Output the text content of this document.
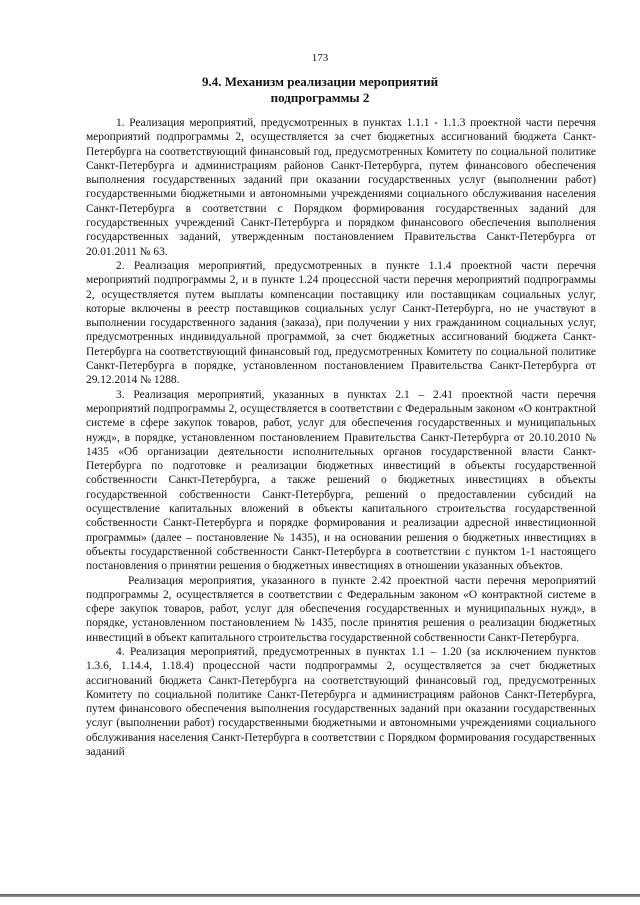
173
9.4. Механизм реализации мероприятий
подпрограммы 2

1. Реализация мероприятий, предусмотренных в пунктах 1.1.1 - 1.1.3 проектной части перечня мероприятий подпрограммы 2, осуществляется за счет бюджетных ассигнований бюджета Санкт-Петербурга на соответствующий финансовый год, предусмотренных Комитету по социальной политике Санкт-Петербурга и администрациям районов Санкт-Петербурга, путем финансового обеспечения выполнения государственных заданий при оказании государственных услуг (выполнении работ) государственными бюджетными и автономными учреждениями социального обслуживания населения Санкт-Петербурга в соответствии с Порядком формирования государственных заданий для государственных учреждений Санкт-Петербурга и порядком финансового обеспечения выполнения государственных заданий, утвержденным постановлением Правительства Санкт-Петербурга от 20.01.2011 № 63.

2. Реализация мероприятий, предусмотренных в пункте 1.1.4 проектной части перечня мероприятий подпрограммы 2, и в пункте 1.24 процессной части перечня мероприятий подпрограммы 2, осуществляется путем выплаты компенсации поставщику или поставщикам социальных услуг, которые включены в реестр поставщиков социальных услуг Санкт-Петербурга, но не участвуют в выполнении государственного задания (заказа), при получении у них гражданином социальных услуг, предусмотренных индивидуальной программой, за счет бюджетных ассигнований бюджета Санкт-Петербурга на соответствующий финансовый год, предусмотренных Комитету по социальной политике Санкт-Петербурга в порядке, установленном постановлением Правительства Санкт-Петербурга от 29.12.2014 № 1288.

3. Реализация мероприятий, указанных в пунктах 2.1 – 2.41 проектной части перечня мероприятий подпрограммы 2, осуществляется в соответствии с Федеральным законом «О контрактной системе в сфере закупок товаров, работ, услуг для обеспечения государственных и муниципальных нужд», в порядке, установленном постановлением Правительства Санкт-Петербурга от 20.10.2010 № 1435 «Об организации деятельности исполнительных органов государственной власти Санкт-Петербурга по подготовке и реализации бюджетных инвестиций в объекты государственной собственности Санкт-Петербурга, а также решений о бюджетных инвестициях в объекты государственной собственности Санкт-Петербурга, решений о предоставлении субсидий на осуществление капитальных вложений в объекты капитального строительства государственной собственности Санкт-Петербурга и порядке формирования и реализации адресной инвестиционной программы» (далее – постановление № 1435), и на основании решения о бюджетных инвестициях в объекты государственной собственности Санкт-Петербурга в соответствии с пунктом 1-1 настоящего постановления о принятии решения о бюджетных инвестициях в отношении указанных объектов.

Реализация мероприятия, указанного в пункте 2.42 проектной части перечня мероприятий подпрограммы 2, осуществляется в соответствии с Федеральным законом «О контрактной системе в сфере закупок товаров, работ, услуг для обеспечения государственных и муниципальных нужд», в порядке, установленном постановлением № 1435, после принятия решения о реализации бюджетных инвестиций в объект капитального строительства государственной собственности Санкт-Петербурга.

4. Реализация мероприятий, предусмотренных в пунктах 1.1 – 1.20 (за исключением пунктов 1.3.6, 1.14.4, 1.18.4) процессной части подпрограммы 2, осуществляется за счет бюджетных ассигнований бюджета Санкт-Петербурга на соответствующий финансовый год, предусмотренных Комитету по социальной политике Санкт-Петербурга и администрациям районов Санкт-Петербурга, путем финансового обеспечения выполнения государственных заданий при оказании государственных услуг (выполнении работ) государственными бюджетными и автономными учреждениями социального обслуживания населения Санкт-Петербурга в соответствии с Порядком формирования государственных заданий
